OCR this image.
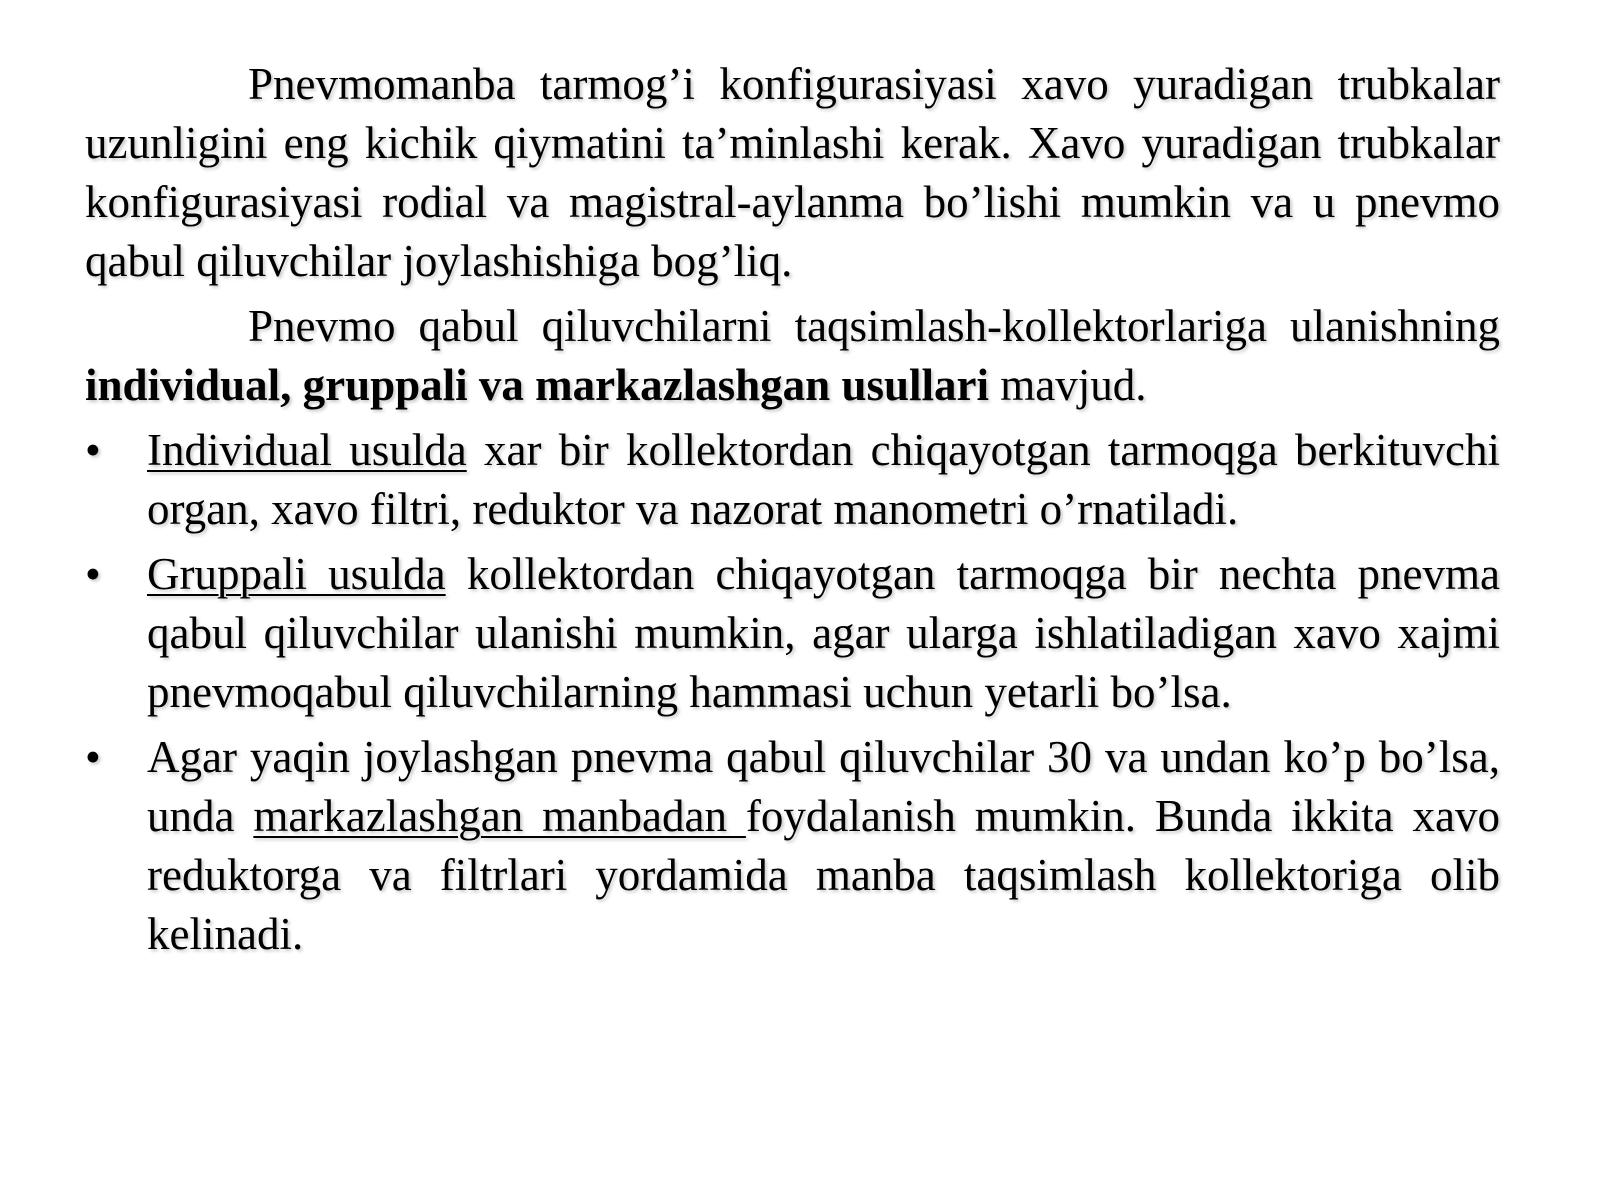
Pnevmomanba tarmog’i konfigurasiyasi xavo yuradigan trubkalar uzunligini eng kichik qiymatini ta’minlashi kerak. Xavo yuradigan trubkalar konfigurasiyasi rodial va magistral-aylanma bo’lishi mumkin va u pnevmo qabul qiluvchilar joylashishiga bog’liq.

Pnevmo qabul qiluvchilarni taqsimlash-kollektorlariga ulanishning individual, gruppali va markazlashgan usullari mavjud.

•	Individual usulda xar bir kollektordan chiqayotgan tarmoqga berkituvchi organ, xavo filtri, reduktor va nazorat manometri o’rnatiladi.
•	Gruppali usulda kollektordan chiqayotgan tarmoqga bir nechta pnevma qabul qiluvchilar ulanishi mumkin, agar ularga ishlatiladigan xavo xajmi pnevmoqabul qiluvchilarning hammasi uchun yetarli bo’lsa.
•	Agar yaqin joylashgan pnevma qabul qiluvchilar 30 va undan ko’p bo’lsa, unda markazlashgan manbadan foydalanish mumkin. Bunda ikkita xavo reduktorga va filtrlari yordamida manba taqsimlash kollektoriga olib kelinadi.
